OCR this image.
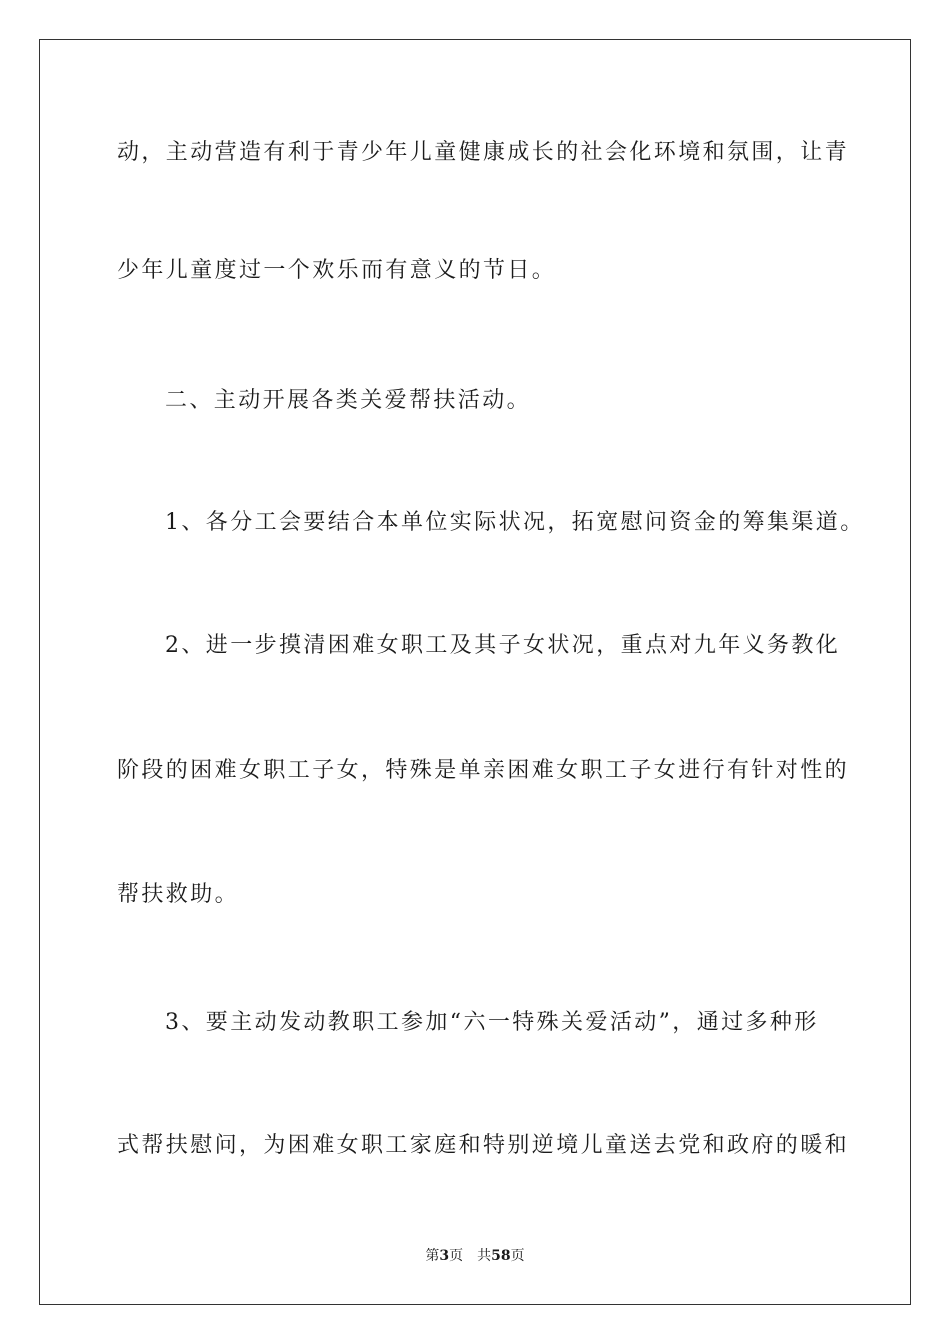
动，主动营造有利于青少年儿童健康成长的社会化环境和氛围，让青

少年儿童度过一个欢乐而有意义的节日。

二、主动开展各类关爱帮扶活动。

1、各分工会要结合本单位实际状况，拓宽慰问资金的筹集渠道。

2、进一步摸清困难女职工及其子女状况，重点对九年义务教化

阶段的困难女职工子女，特殊是单亲困难女职工子女进行有针对性的

帮扶救助。

3、要主动发动教职工参加“六一特殊关爱活动”，通过多种形

式帮扶慰问，为困难女职工家庭和特别逆境儿童送去党和政府的暖和

第3页 共58页
